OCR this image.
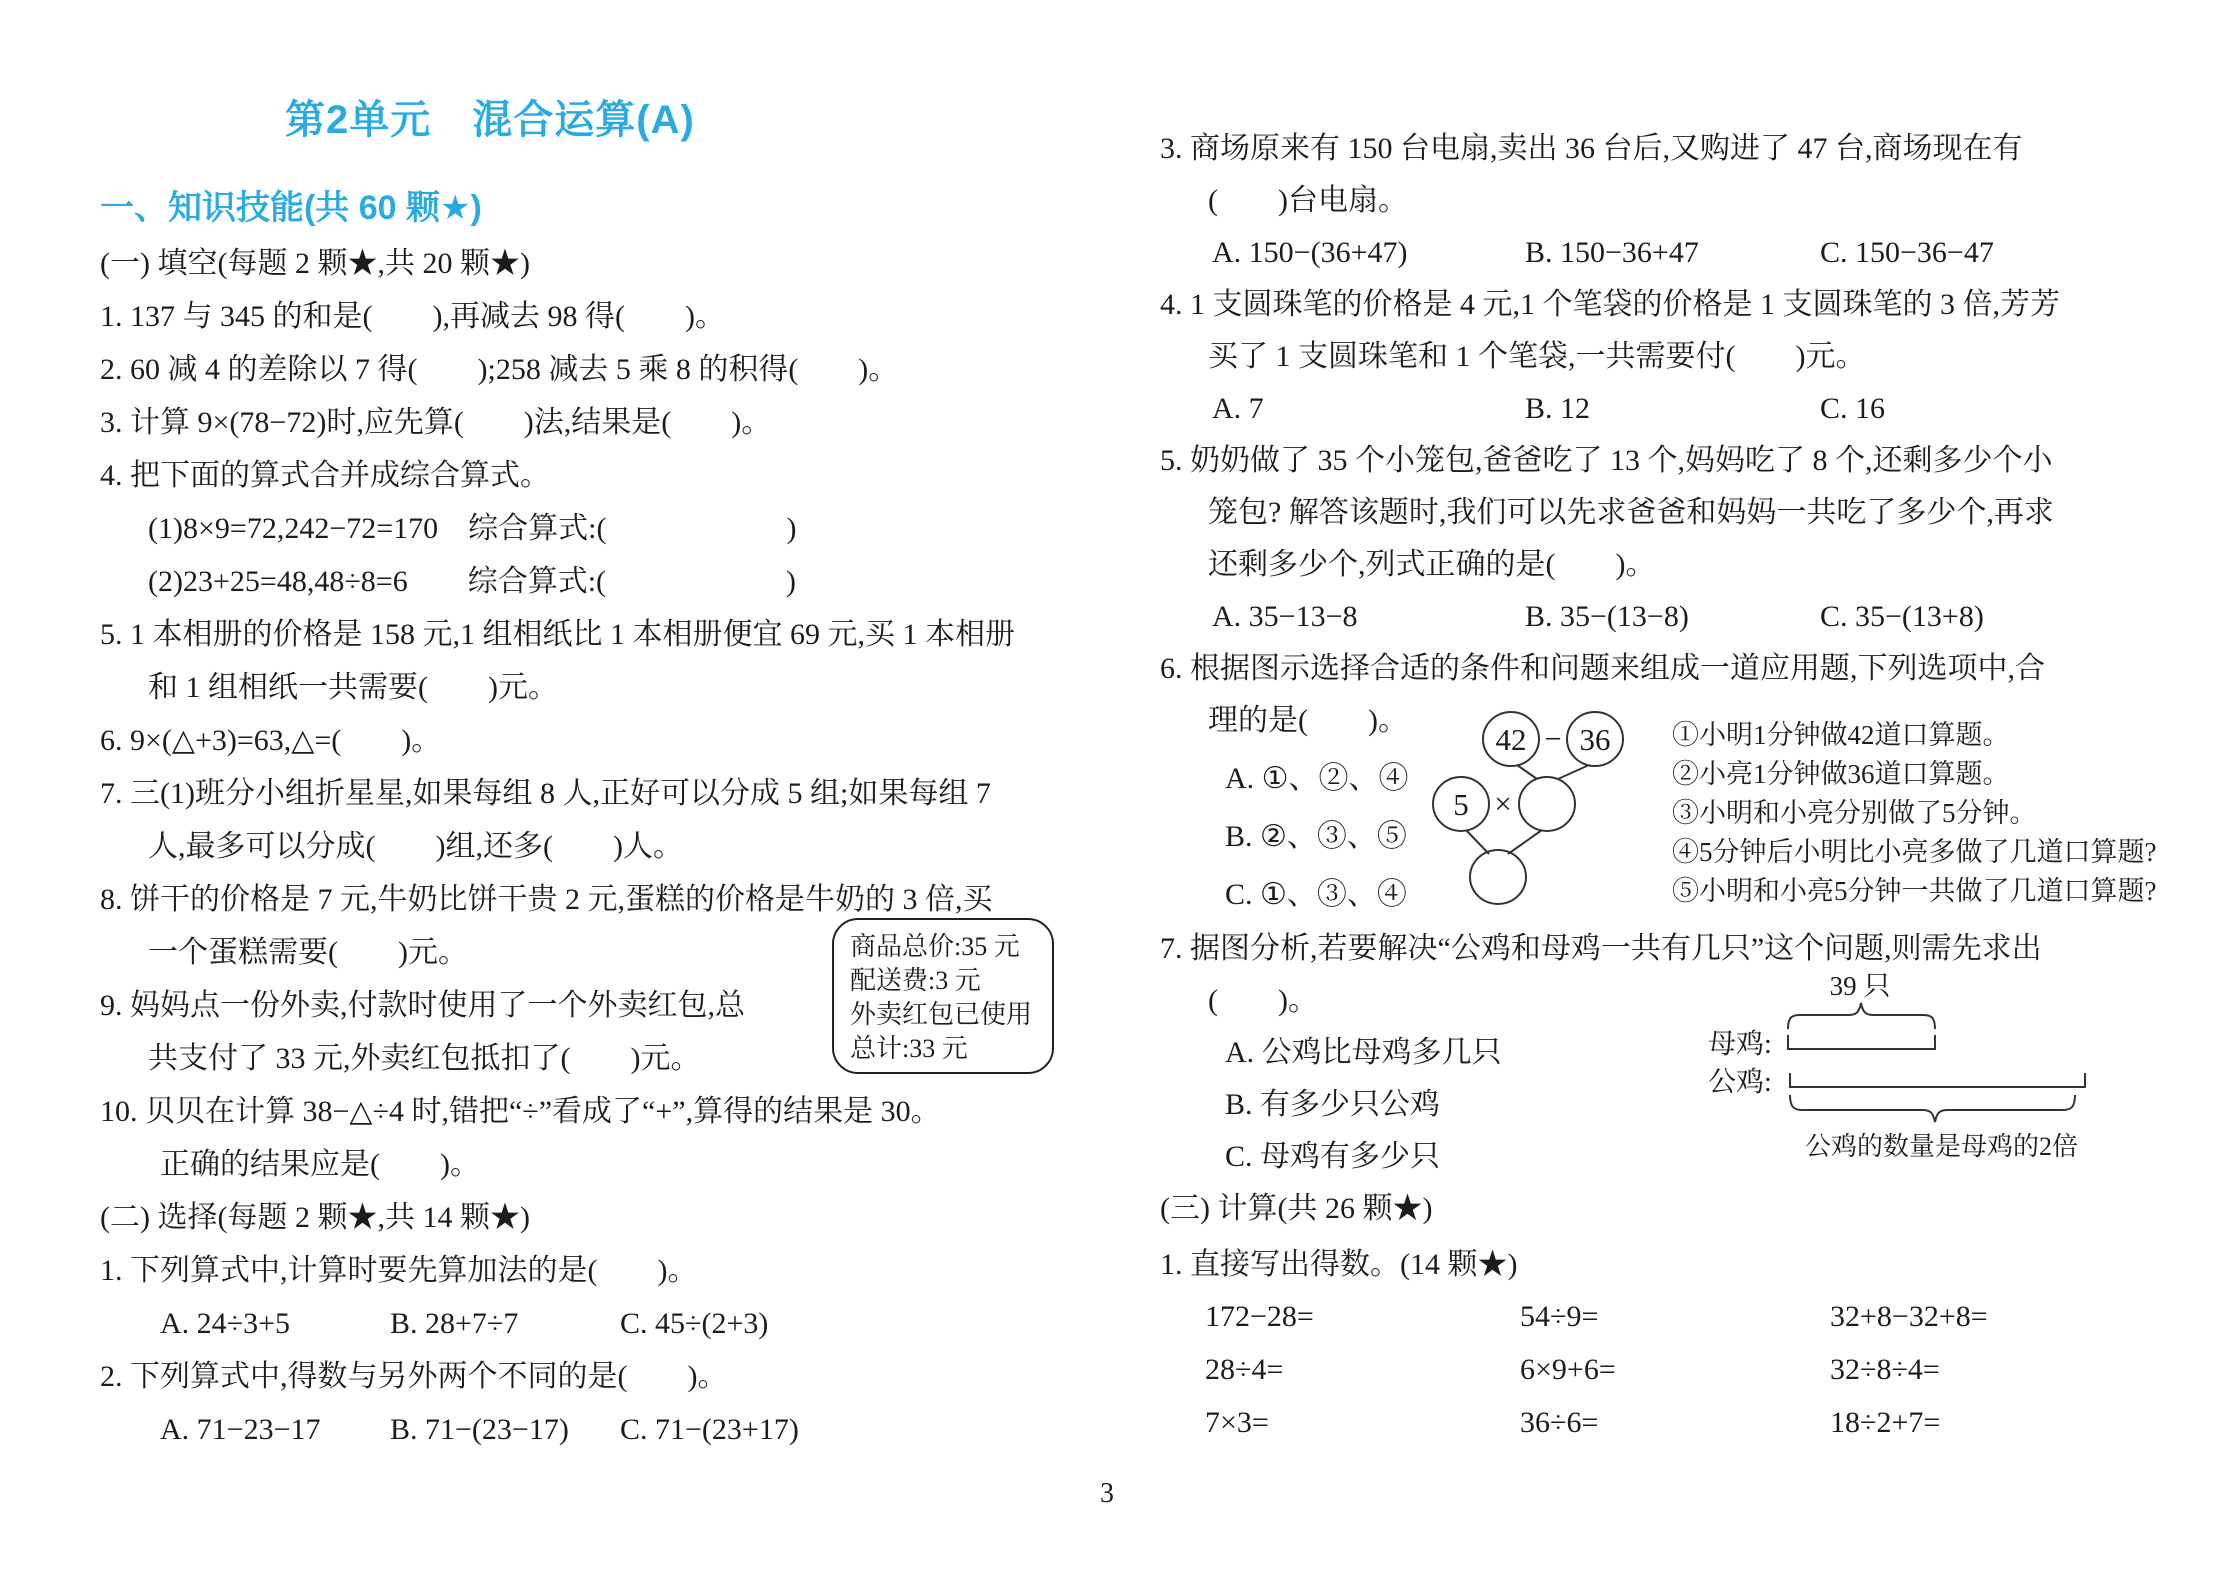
第2单元　混合运算(A)
一、知识技能(共 60 颗★)
(一) 填空(每题 2 颗★,共 20 颗★)
1. 137 与 345 的和是(　　),再减去 98 得(　　)。
2. 60 减 4 的差除以 7 得(　　);258 减去 5 乘 8 的积得(　　)。
3. 计算 9×(78−72)时,应先算(　　)法,结果是(　　)。
4. 把下面的算式合并成综合算式。
(1)8×9=72,242−72=170　综合算式:(　　　　　　)
(2)23+25=48,48÷8=6　　综合算式:(　　　　　　)
5. 1 本相册的价格是 158 元,1 组相纸比 1 本相册便宜 69 元,买 1 本相册
和 1 组相纸一共需要(　　)元。
6. 9×(△+3)=63,△=(　　)。
7. 三(1)班分小组折星星,如果每组 8 人,正好可以分成 5 组;如果每组 7
人,最多可以分成(　　)组,还多(　　)人。
8. 饼干的价格是 7 元,牛奶比饼干贵 2 元,蛋糕的价格是牛奶的 3 倍,买
一个蛋糕需要(　　)元。
9. 妈妈点一份外卖,付款时使用了一个外卖红包,总
共支付了 33 元,外卖红包抵扣了(　　)元。
10. 贝贝在计算 38−△÷4 时,错把“÷”看成了“+”,算得的结果是 30。
正确的结果应是(　　)。
商品总价:35 元
配送费:3 元
外卖红包已使用
总计:33 元
(二) 选择(每题 2 颗★,共 14 颗★)
1. 下列算式中,计算时要先算加法的是(　　)。
A. 24÷3+5	B. 28+7÷7	C. 45÷(2+3)
2. 下列算式中,得数与另外两个不同的是(　　)。
A. 71−23−17 B. 71−(23−17) C. 71−(23+17)
3. 商场原来有 150 台电扇,卖出 36 台后,又购进了 47 台,商场现在有
(　　)台电扇。
A. 150−(36+47)	B. 150−36+47	C. 150−36−47
4. 1 支圆珠笔的价格是 4 元,1 个笔袋的价格是 1 支圆珠笔的 3 倍,芳芳
买了 1 支圆珠笔和 1 个笔袋,一共需要付(　　)元。
A. 7	B. 12	C. 16
5. 奶奶做了 35 个小笼包,爸爸吃了 13 个,妈妈吃了 8 个,还剩多少个小
笼包? 解答该题时,我们可以先求爸爸和妈妈一共吃了多少个,再求
还剩多少个,列式正确的是(　　)。
A. 35−13−8	B. 35−(13−8)	C. 35−(13+8)
6. 根据图示选择合适的条件和问题来组成一道应用题,下列选项中,合
理的是(　　)。
A. ①、②、④
B. ②、③、⑤
C. ①、③、④
42 − 36
5 ×
①小明1分钟做42道口算题。
②小亮1分钟做36道口算题。
③小明和小亮分别做了5分钟。
④5分钟后小明比小亮多做了几道口算题?
⑤小明和小亮5分钟一共做了几道口算题?
7. 据图分析,若要解决“公鸡和母鸡一共有几只”这个问题,则需先求出
(　　)。
A. 公鸡比母鸡多几只
B. 有多少只公鸡
C. 母鸡有多少只
39 只
母鸡:
公鸡:
公鸡的数量是母鸡的2倍
(三) 计算(共 26 颗★)
1. 直接写出得数。(14 颗★)
172−28=	54÷9=	32+8−32+8=
28÷4=	6×9+6=	32÷8÷4=
7×3=	36÷6=	18÷2+7=
3
